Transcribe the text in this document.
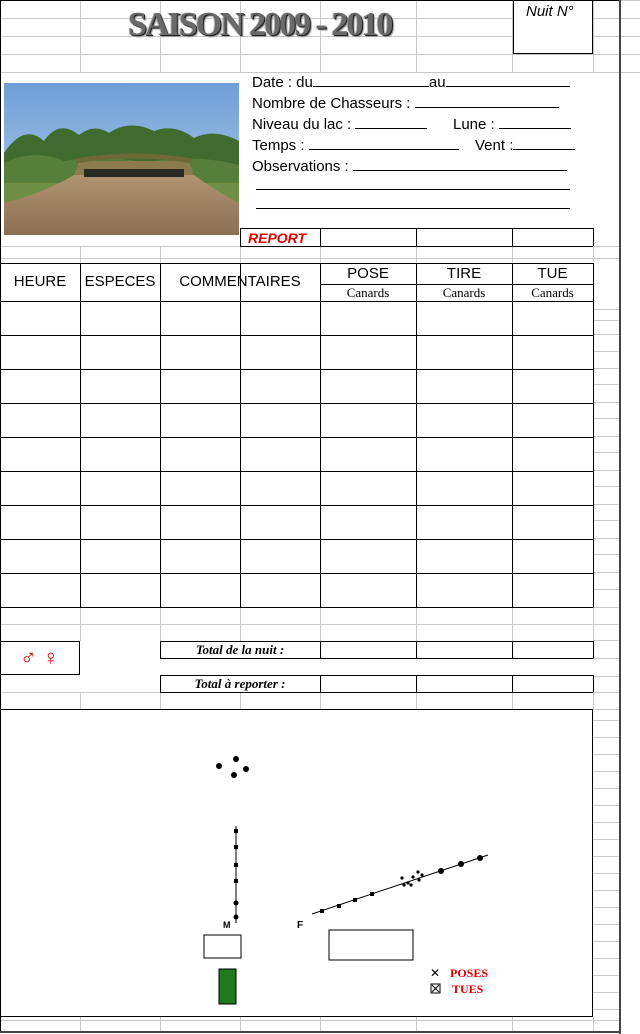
SAISON 2009 - 2010	Nuit N°
Date : du	au
Nombre de Chasseurs :
Niveau du lac :	Lune :
Temps :	Vent :
Observations :
REPORT
HEURE	ESPECES	COMMENTAIRES	POSE	TIRE	TUE
Canards	Canards	Canards
♂ ♀	Total de la nuit :
Total à reporter :
M	F
✕ POSES
TUES
